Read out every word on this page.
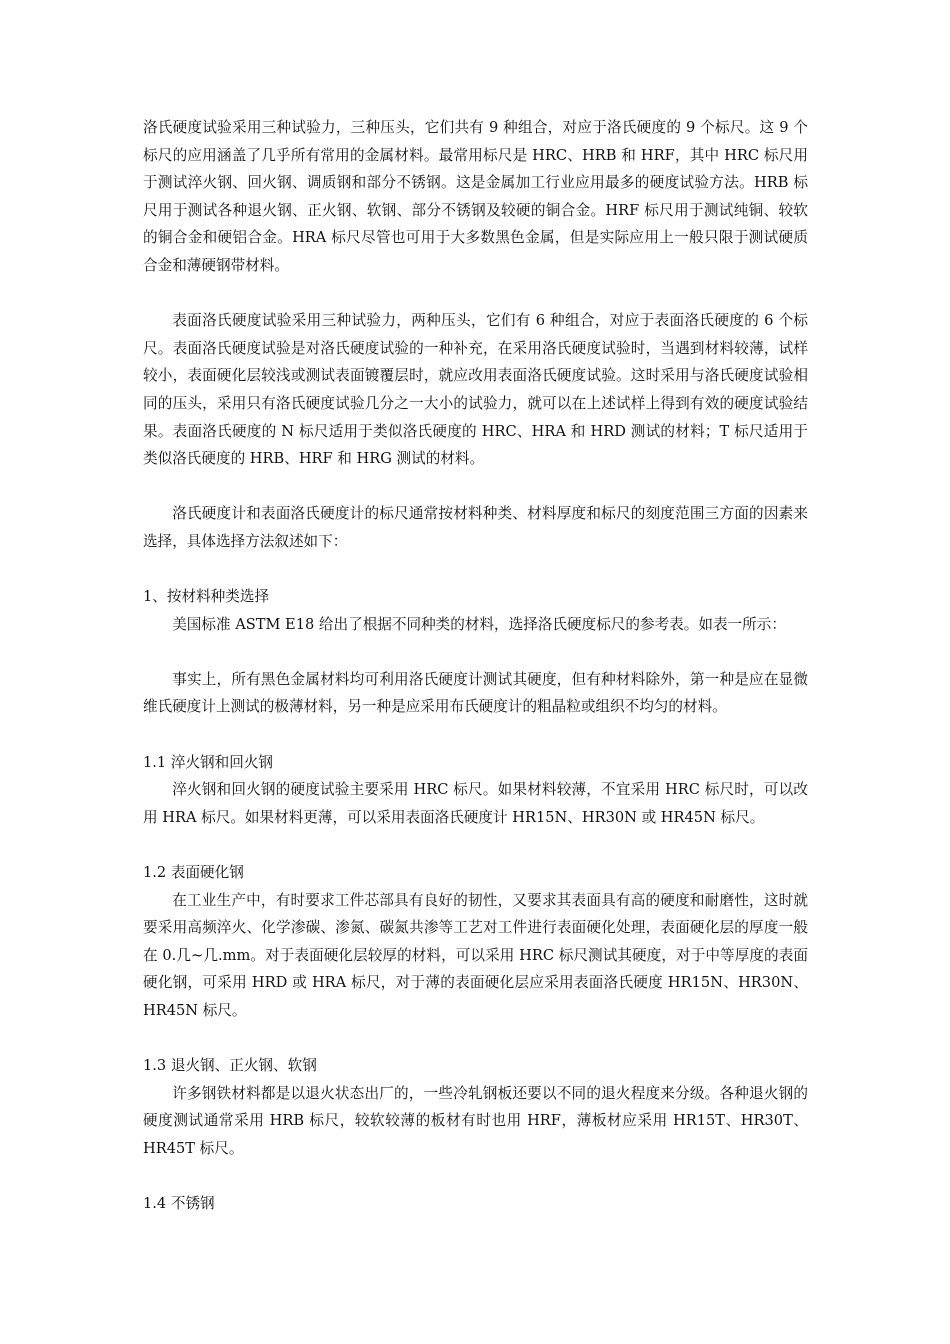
洛氏硬度试验采用三种试验力，三种压头，它们共有 9 种组合，对应于洛氏硬度的 9 个标尺。这 9 个标尺的应用涵盖了几乎所有常用的金属材料。最常用标尺是 HRC、HRB 和 HRF，其中 HRC 标尺用于测试淬火钢、回火钢、调质钢和部分不锈钢。这是金属加工行业应用最多的硬度试验方法。HRB 标尺用于测试各种退火钢、正火钢、软钢、部分不锈钢及较硬的铜合金。HRF 标尺用于测试纯铜、较软的铜合金和硬铝合金。HRA 标尺尽管也可用于大多数黑色金属，但是实际应用上一般只限于测试硬质合金和薄硬钢带材料。

表面洛氏硬度试验采用三种试验力，两种压头，它们有 6 种组合，对应于表面洛氏硬度的 6 个标尺。表面洛氏硬度试验是对洛氏硬度试验的一种补充，在采用洛氏硬度试验时，当遇到材料较薄，试样较小，表面硬化层较浅或测试表面镀覆层时，就应改用表面洛氏硬度试验。这时采用与洛氏硬度试验相同的压头，采用只有洛氏硬度试验几分之一大小的试验力，就可以在上述试样上得到有效的硬度试验结果。表面洛氏硬度的 N 标尺适用于类似洛氏硬度的 HRC、HRA 和 HRD 测试的材料；T 标尺适用于类似洛氏硬度的 HRB、HRF 和 HRG 测试的材料。

洛氏硬度计和表面洛氏硬度计的标尺通常按材料种类、材料厚度和标尺的刻度范围三方面的因素来选择，具体选择方法叙述如下：

1、按材料种类选择

美国标准 ASTM E18 给出了根据不同种类的材料，选择洛氏硬度标尺的参考表。如表一所示：

事实上，所有黑色金属材料均可利用洛氏硬度计测试其硬度，但有种材料除外，第一种是应在显微维氏硬度计上测试的极薄材料，另一种是应采用布氏硬度计的粗晶粒或组织不均匀的材料。

1.1 淬火钢和回火钢

淬火钢和回火钢的硬度试验主要采用 HRC 标尺。如果材料较薄，不宜采用 HRC 标尺时，可以改用 HRA 标尺。如果材料更薄，可以采用表面洛氏硬度计 HR15N、HR30N 或 HR45N 标尺。

1.2 表面硬化钢

在工业生产中，有时要求工件芯部具有良好的韧性，又要求其表面具有高的硬度和耐磨性，这时就要采用高频淬火、化学渗碳、渗氮、碳氮共渗等工艺对工件进行表面硬化处理，表面硬化层的厚度一般在 0.几~几.mm。对于表面硬化层较厚的材料，可以采用 HRC 标尺测试其硬度，对于中等厚度的表面硬化钢，可采用 HRD 或 HRA 标尺，对于薄的表面硬化层应采用表面洛氏硬度 HR15N、HR30N、HR45N 标尺。

1.3 退火钢、正火钢、软钢

许多钢铁材料都是以退火状态出厂的，一些冷轧钢板还要以不同的退火程度来分级。各种退火钢的硬度测试通常采用 HRB 标尺，较软较薄的板材有时也用 HRF，薄板材应采用 HR15T、HR30T、HR45T 标尺。

1.4 不锈钢
